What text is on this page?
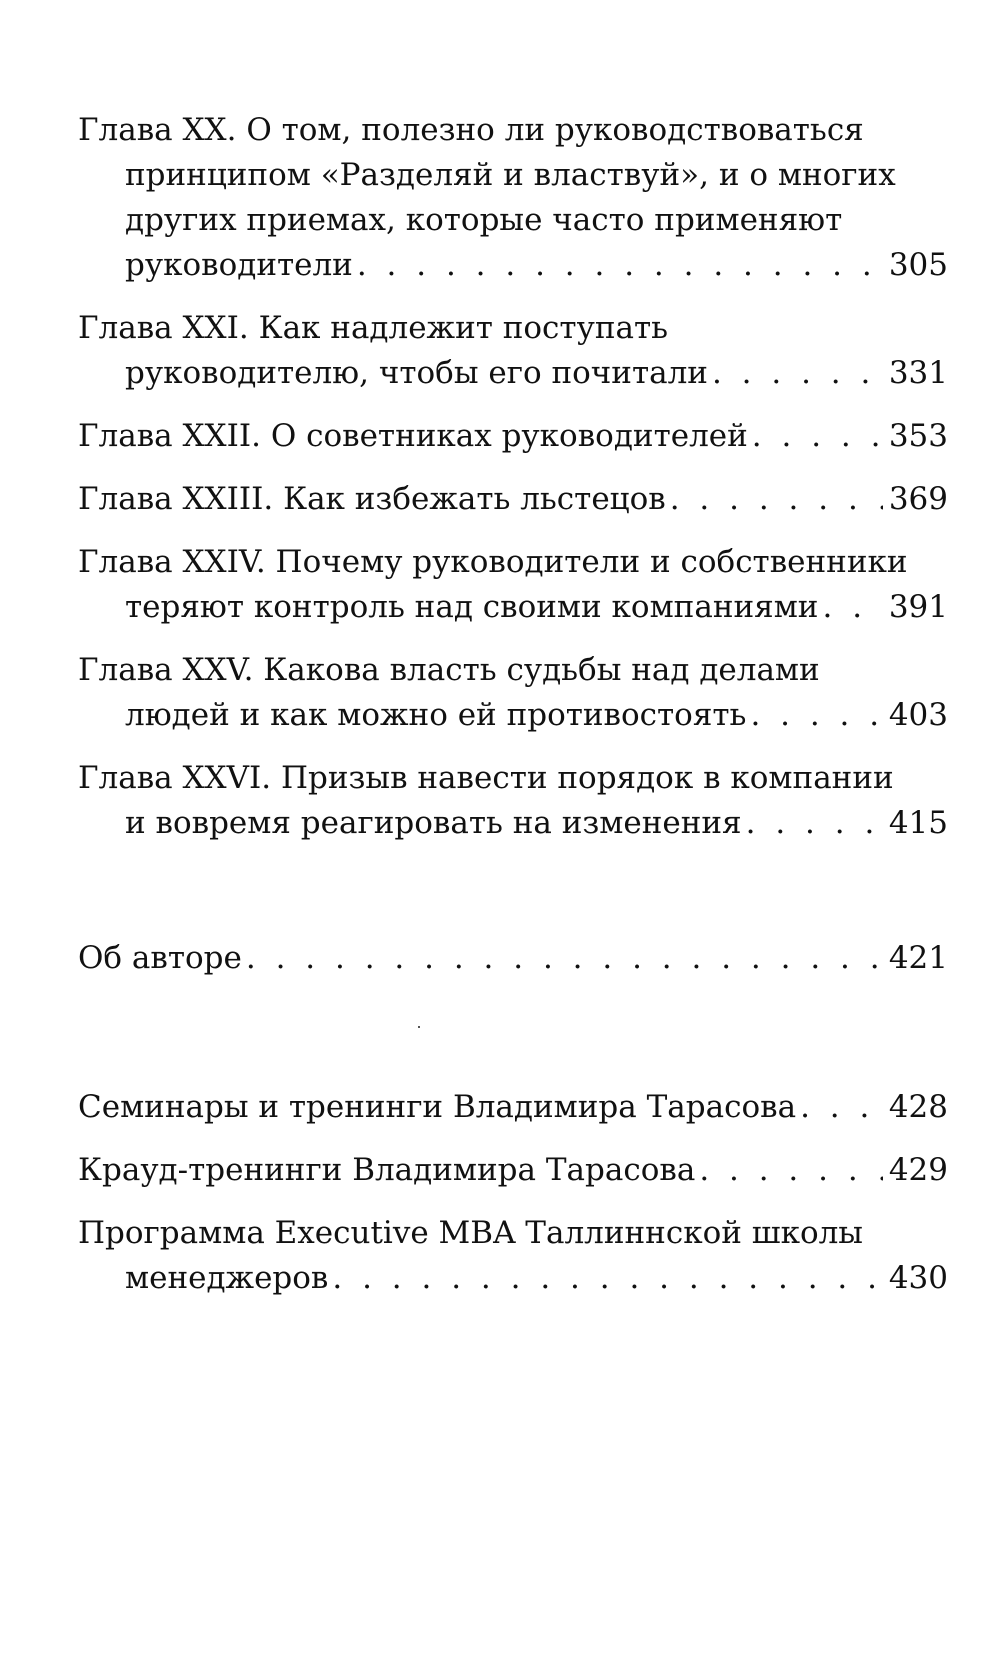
Глава XX. О том, полезно ли руководствоваться
принципом «Разделяй и властвуй», и о многих
других приемах, которые часто применяют
руководители . . .	305
Глава XXI. Как надлежит поступать
руководителю, чтобы его почитали . . .	331
Глава XXII. О советниках руководителей . . .	353
Глава XXIII. Как избежать льстецов . . .	369
Глава XXIV. Почему руководители и собственники
теряют контроль над своими компаниями . . . 391
Глава XXV. Какова власть судьбы над делами
людей и как можно ей противостоять . . .	403
Глава XXVI. Призыв навести порядок в компании
и вовремя реагировать на изменения . . .	415
Об авторе . . .	421
Семинары и тренинги Владимира Тарасова . . .	428
Крауд-тренинги Владимира Тарасова . . .	429
Программа Executive MBA Таллиннской школы
менеджеров . . .	430
